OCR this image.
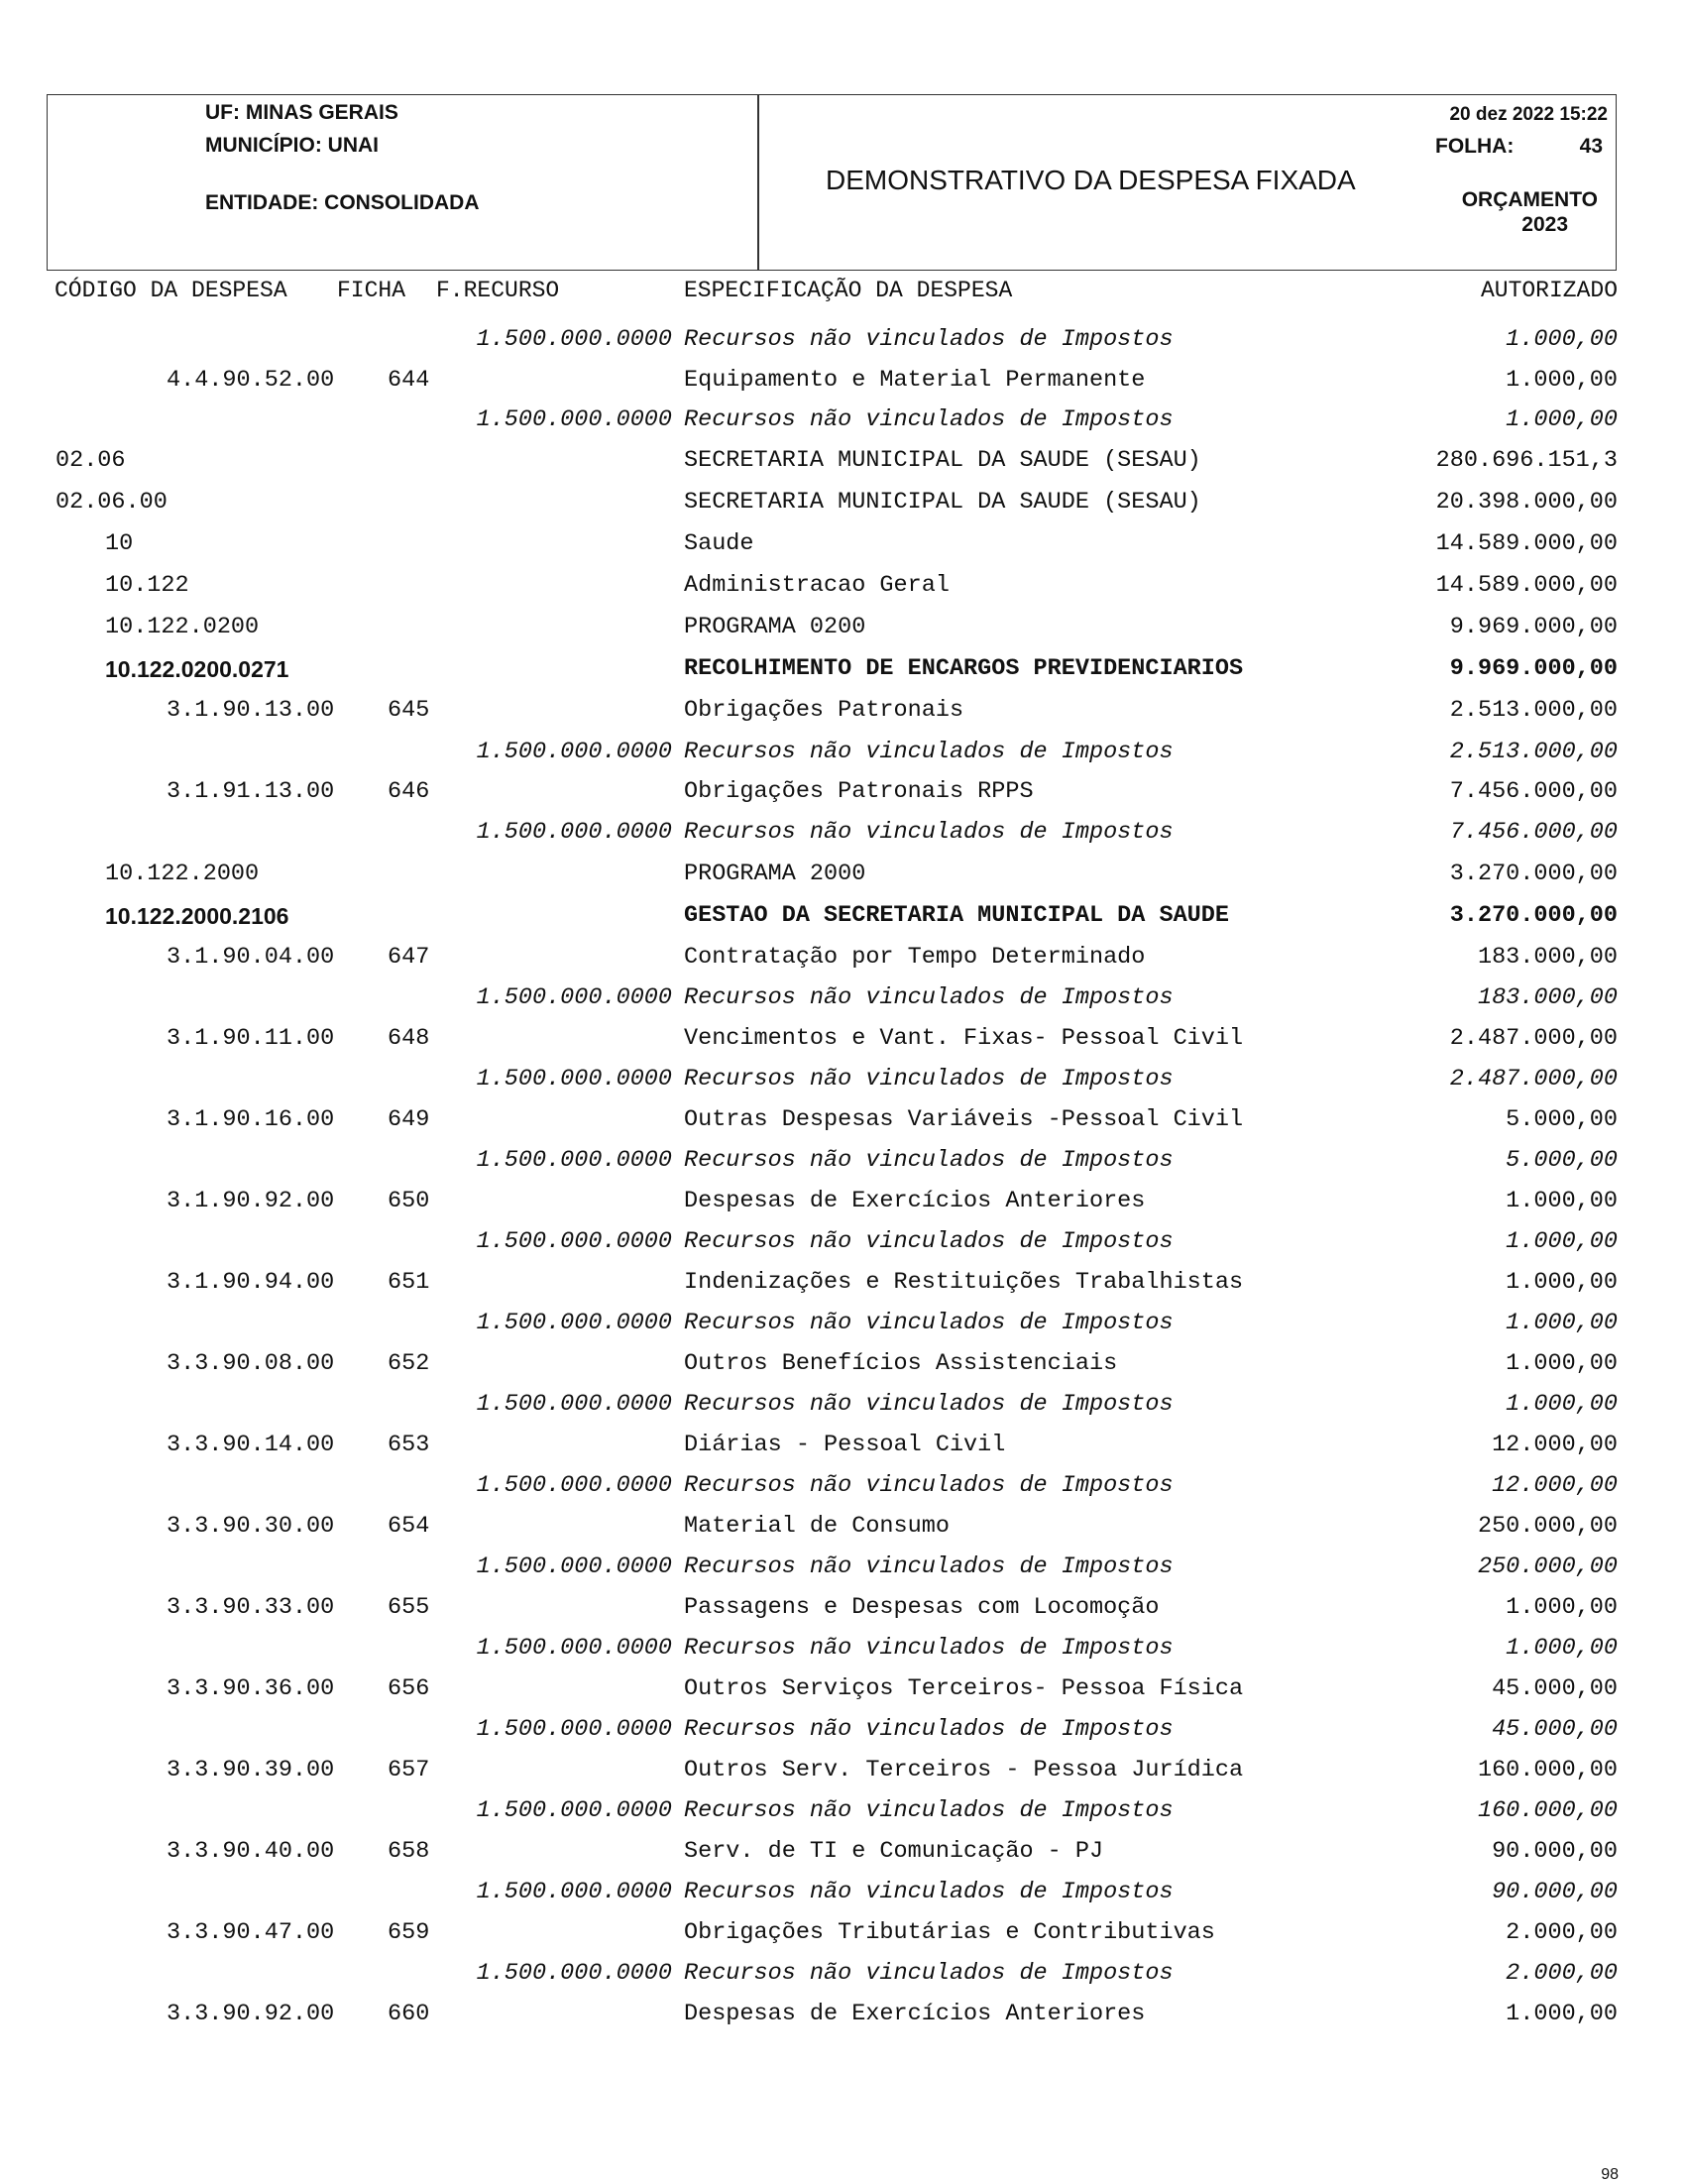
UF: MINAS GERAIS
MUNICÍPIO: UNAI
ENTIDADE: CONSOLIDADA
DEMONSTRATIVO DA DESPESA FIXADA
20 dez 2022 15:22
FOLHA:	43
ORÇAMENTO
2023
CÓDIGO DA DESPESA FICHA F.RECURSO	ESPECIFICAÇÃO DA DESPESA	AUTORIZADO
1.500.000.0000 Recursos não vinculados de Impostos	1.000,00
4.4.90.52.00 644	Equipamento e Material Permanente	1.000,00
1.500.000.0000 Recursos não vinculados de Impostos	1.000,00
02.06	SECRETARIA MUNICIPAL DA SAUDE (SESAU)	280.696.151,3
02.06.00	SECRETARIA MUNICIPAL DA SAUDE (SESAU)	20.398.000,00
10	Saude	14.589.000,00
10.122	Administracao Geral	14.589.000,00
10.122.0200	PROGRAMA 0200	9.969.000,00
10.122.0200.0271	RECOLHIMENTO DE ENCARGOS PREVIDENCIARIOS	9.969.000,00
3.1.90.13.00 645	Obrigações Patronais	2.513.000,00
1.500.000.0000 Recursos não vinculados de Impostos	2.513.000,00
3.1.91.13.00 646	Obrigações Patronais RPPS	7.456.000,00
1.500.000.0000 Recursos não vinculados de Impostos	7.456.000,00
10.122.2000	PROGRAMA 2000	3.270.000,00
10.122.2000.2106	GESTAO DA SECRETARIA MUNICIPAL DA SAUDE	3.270.000,00
3.1.90.04.00 647	Contratação por Tempo Determinado	183.000,00
1.500.000.0000 Recursos não vinculados de Impostos	183.000,00
3.1.90.11.00 648	Vencimentos e Vant. Fixas- Pessoal Civil	2.487.000,00
1.500.000.0000 Recursos não vinculados de Impostos	2.487.000,00
3.1.90.16.00 649	Outras Despesas Variáveis -Pessoal Civil	5.000,00
1.500.000.0000 Recursos não vinculados de Impostos	5.000,00
3.1.90.92.00 650	Despesas de Exercícios Anteriores	1.000,00
1.500.000.0000 Recursos não vinculados de Impostos	1.000,00
3.1.90.94.00 651	Indenizações e Restituições Trabalhistas	1.000,00
1.500.000.0000 Recursos não vinculados de Impostos	1.000,00
3.3.90.08.00 652	Outros Benefícios Assistenciais	1.000,00
1.500.000.0000 Recursos não vinculados de Impostos	1.000,00
3.3.90.14.00 653	Diárias - Pessoal Civil	12.000,00
1.500.000.0000 Recursos não vinculados de Impostos	12.000,00
3.3.90.30.00 654	Material de Consumo	250.000,00
1.500.000.0000 Recursos não vinculados de Impostos	250.000,00
3.3.90.33.00 655	Passagens e Despesas com Locomoção	1.000,00
1.500.000.0000 Recursos não vinculados de Impostos	1.000,00
3.3.90.36.00 656	Outros Serviços Terceiros- Pessoa Física	45.000,00
1.500.000.0000 Recursos não vinculados de Impostos	45.000,00
3.3.90.39.00 657	Outros Serv. Terceiros - Pessoa Jurídica	160.000,00
1.500.000.0000 Recursos não vinculados de Impostos	160.000,00
3.3.90.40.00 658	Serv. de TI e Comunicação - PJ	90.000,00
1.500.000.0000 Recursos não vinculados de Impostos	90.000,00
3.3.90.47.00 659	Obrigações Tributárias e Contributivas	2.000,00
1.500.000.0000 Recursos não vinculados de Impostos	2.000,00
3.3.90.92.00 660	Despesas de Exercícios Anteriores	1.000,00
98
